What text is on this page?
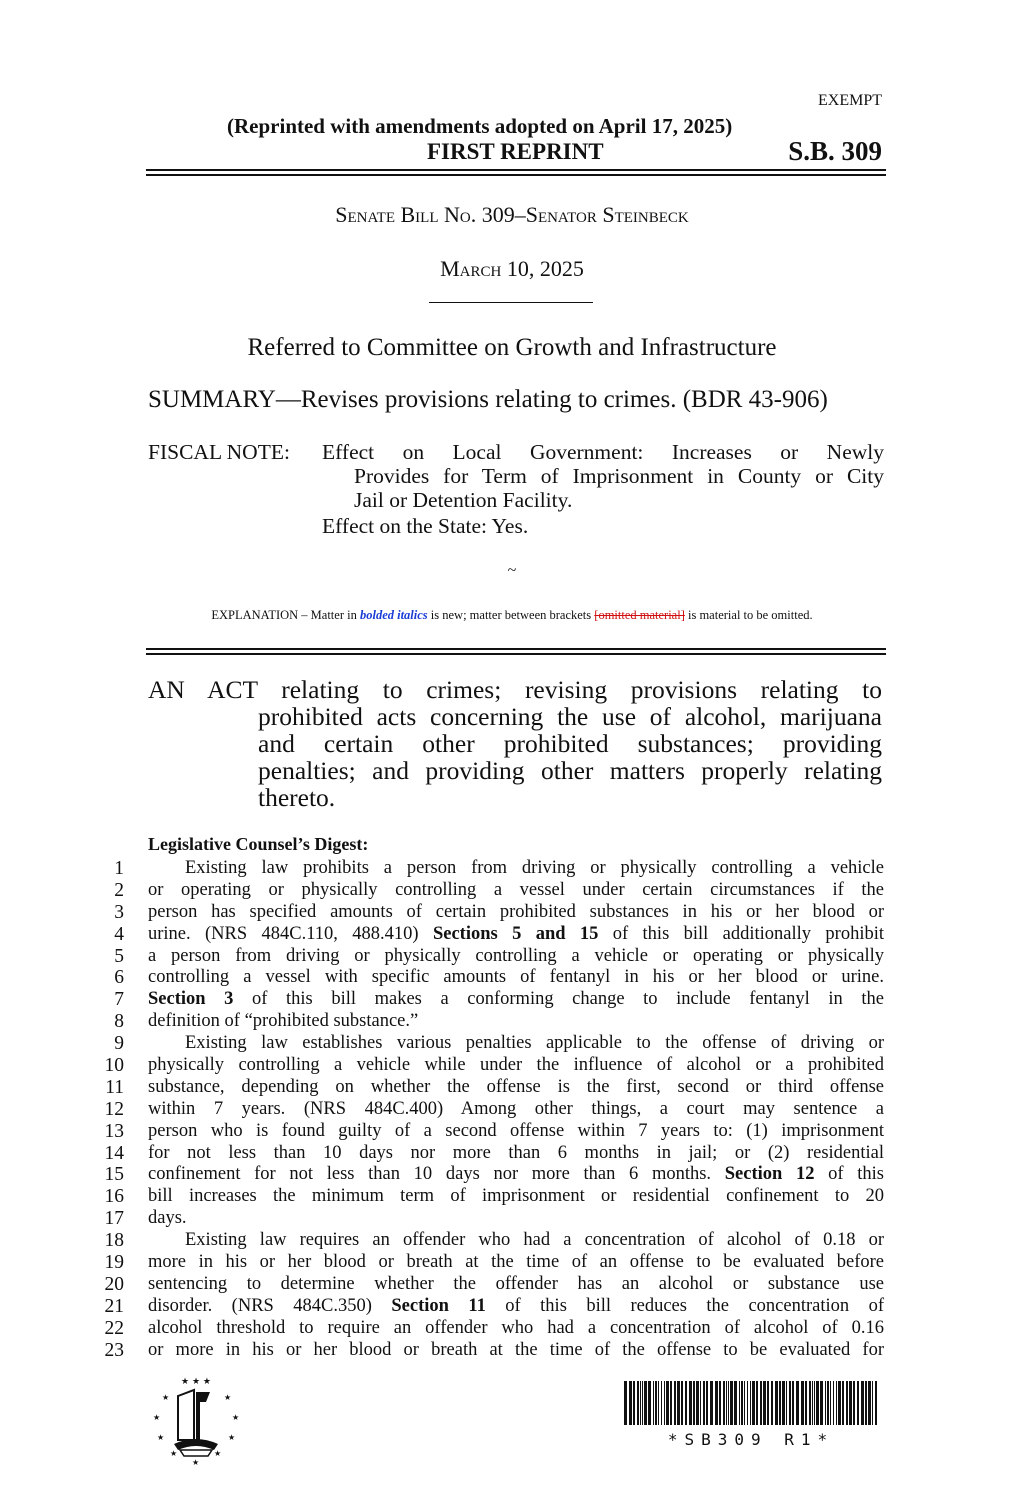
EXEMPT
(Reprinted with amendments adopted on April 17, 2025)
FIRST REPRINT	S.B. 309
Senate Bill No. 309–Senator Steinbeck
March 10, 2025
Referred to Committee on Growth and Infrastructure
SUMMARY—Revises provisions relating to crimes. (BDR 43-906)
FISCAL NOTE: Effect on Local Government: Increases or Newly
Provides for Term of Imprisonment in County or City
Jail or Detention Facility.
Effect on the State: Yes.
~
EXPLANATION – Matter in bolded italics is new; matter between brackets [omitted material] is material to be omitted.
AN ACT relating to crimes; revising provisions relating to
prohibited acts concerning the use of alcohol, marijuana
and certain other prohibited substances; providing
penalties; and providing other matters properly relating
thereto.
Legislative Counsel’s Digest:
1	Existing law prohibits a person from driving or physically controlling a vehicle
2 or operating or physically controlling a vessel under certain circumstances if the
3 person has specified amounts of certain prohibited substances in his or her blood or
4 urine. (NRS 484C.110, 488.410) Sections 5 and 15 of this bill additionally prohibit
5 a person from driving or physically controlling a vehicle or operating or physically
6 controlling a vessel with specific amounts of fentanyl in his or her blood or urine.
7 Section 3 of this bill makes a conforming change to include fentanyl in the
8 definition of “prohibited substance.”
9	Existing law establishes various penalties applicable to the offense of driving or
10 physically controlling a vehicle while under the influence of alcohol or a prohibited
11 substance, depending on whether the offense is the first, second or third offense
12 within 7 years. (NRS 484C.400) Among other things, a court may sentence a
13 person who is found guilty of a second offense within 7 years to: (1) imprisonment
14 for not less than 10 days nor more than 6 months in jail; or (2) residential
15 confinement for not less than 10 days nor more than 6 months. Section 12 of this
16 bill increases the minimum term of imprisonment or residential confinement to 20
17 days.
18	Existing law requires an offender who had a concentration of alcohol of 0.18 or
19 more in his or her blood or breath at the time of an offense to be evaluated before
20 sentencing to determine whether the offender has an alcohol or substance use
21 disorder. (NRS 484C.350) Section 11 of this bill reduces the concentration of
22 alcohol threshold to require an offender who had a concentration of alcohol of 0.16
23 or more in his or her blood or breath at the time of the offense to be evaluated for
★ ★ ★
★	★
★	★
★	★
★	★
★
*SB309 R1*
